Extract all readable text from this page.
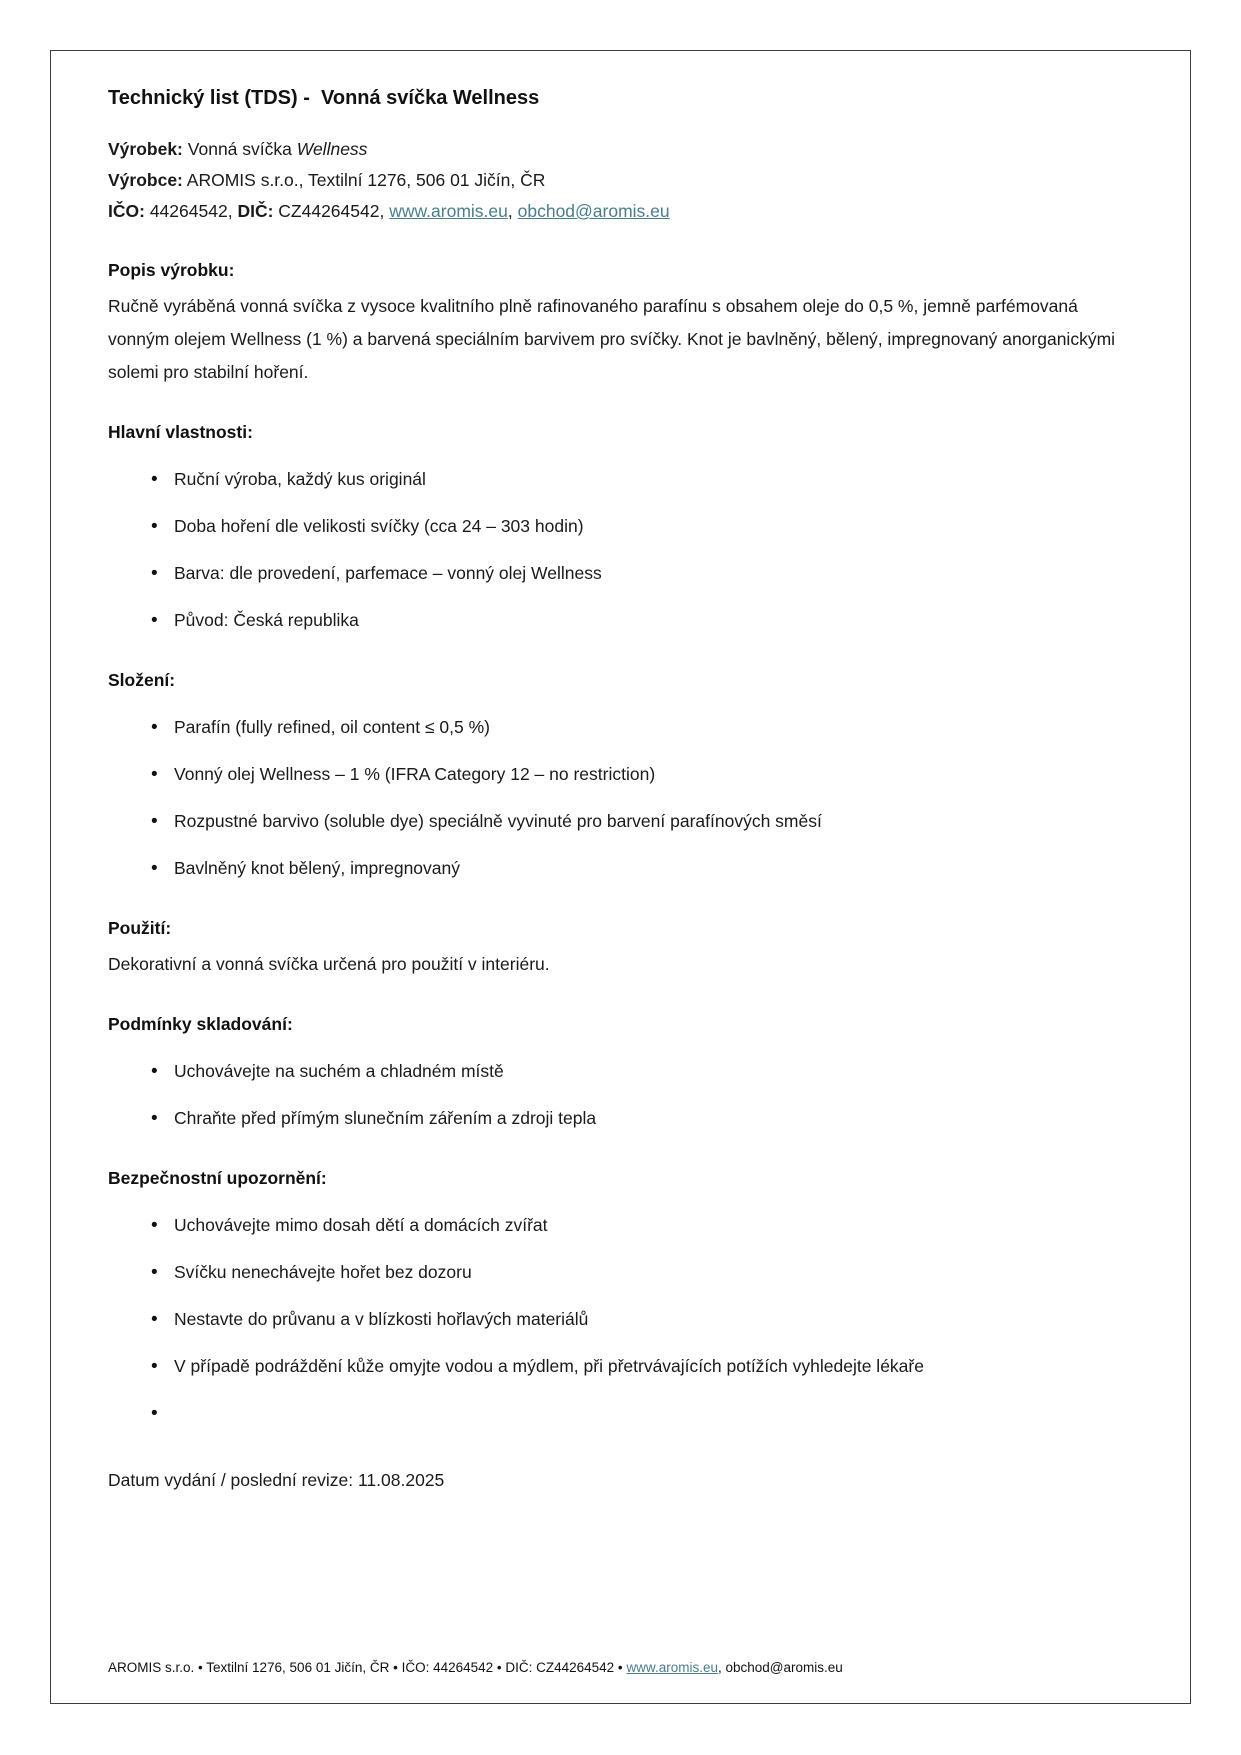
Technický list (TDS) -  Vonná svíčka Wellness

Výrobek: Vonná svíčka Wellness

Výrobce: AROMIS s.r.o., Textilní 1276, 506 01 Jičín, ČR

IČO: 44264542, DIČ: CZ44264542, www.aromis.eu, obchod@aromis.eu

Popis výrobku:

Ručně vyráběná vonná svíčka z vysoce kvalitního plně rafinovaného parafínu s obsahem oleje do 0,5 %, jemně parfémovaná vonným olejem Wellness (1 %) a barvená speciálním barvivem pro svíčky. Knot je bavlněný, bělený, impregnovaný anorganickými solemi pro stabilní hoření.

Hlavní vlastnosti:
• Ruční výroba, každý kus originál
• Doba hoření dle velikosti svíčky (cca 24 – 303 hodin)
• Barva: dle provedení, parfemace – vonný olej Wellness
• Původ: Česká republika
Složení:
• Parafín (fully refined, oil content ≤ 0,5 %)
• Vonný olej Wellness – 1 % (IFRA Category 12 – no restriction)
• Rozpustné barvivo (soluble dye) speciálně vyvinuté pro barvení parafínových směsí
• Bavlněný knot bělený, impregnovaný
Použití:

Dekorativní a vonná svíčka určená pro použití v interiéru.

Podmínky skladování:
• Uchovávejte na suchém a chladném místě
• Chraňte před přímým slunečním zářením a zdroji tepla
Bezpečnostní upozornění:
• Uchovávejte mimo dosah dětí a domácích zvířat
• Svíčku nenechávejte hořet bez dozoru
• Nestavte do průvanu a v blízkosti hořlavých materiálů
• V případě podráždění kůže omyjte vodou a mýdlem, při přetrvávajících potížích vyhledejte lékaře
•

Datum vydání / poslední revize: 11.08.2025

AROMIS s.r.o. • Textilní 1276, 506 01 Jičín, ČR • IČO: 44264542 • DIČ: CZ44264542 • www.aromis.eu, obchod@aromis.eu
